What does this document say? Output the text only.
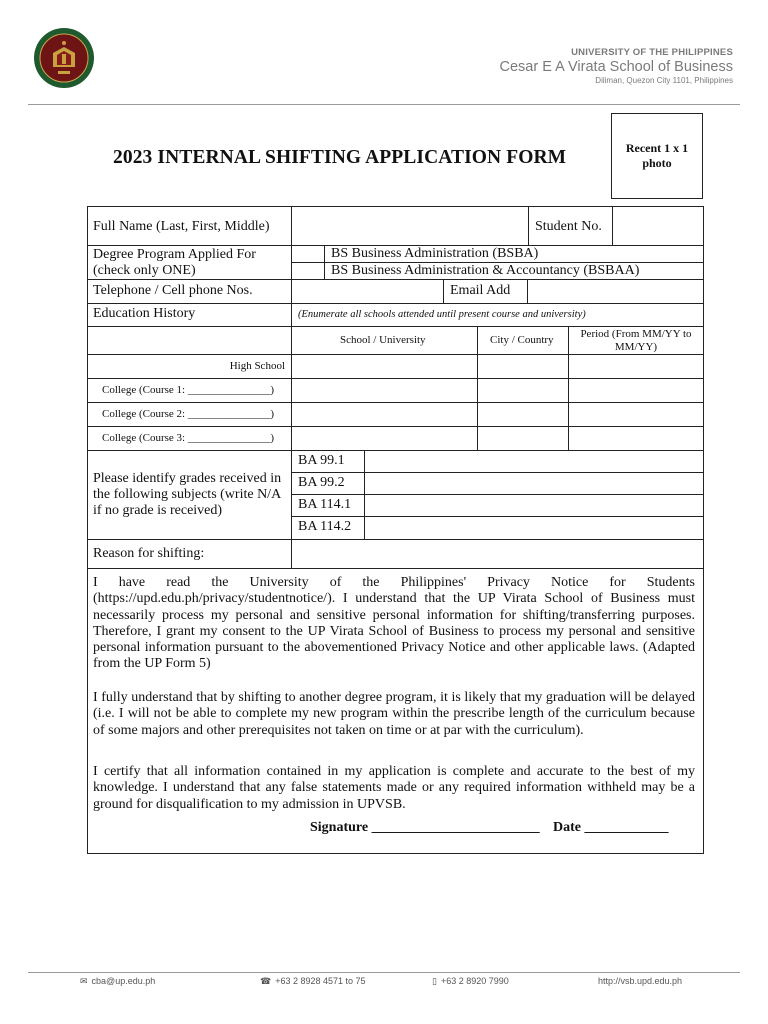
UNIVERSITY OF THE PHILIPPINES
Cesar E A Virata School of Business
Diliman, Quezon City 1101, Philippines
2023 INTERNAL SHIFTING APPLICATION FORM	Recent 1 x 1
photo
Full Name (Last, First, Middle)	Student No.
Degree Program Applied For
(check only ONE)
BS Business Administration (BSBA)
BS Business Administration & Accountancy (BSBAA)
Telephone / Cell phone Nos.	Email Add
Education History	(Enumerate all schools attended until present course and university)
School / University	City / Country	Period (From MM/YY to
MM/YY)
High School
College (Course 1: _______________)
College (Course 2: _______________)
College (Course 3: _______________)
Please identify grades received in
the following subjects (write N/A
if no grade is received)
BA 99.1
BA 99.2
BA 114.1
BA 114.2
Reason for shifting:
I have read the University of the Philippines' Privacy Notice for Students (https://upd.edu.ph/privacy/studentnotice/). I understand that the UP Virata School of Business must necessarily process my personal and sensitive personal information for shifting/transferring purposes. Therefore, I grant my consent to the UP Virata School of Business to process my personal and sensitive personal information pursuant to the abovementioned Privacy Notice and other applicable laws. (Adapted from the UP Form 5)
I fully understand that by shifting to another degree program, it is likely that my graduation will be delayed (i.e. I will not be able to complete my new program within the prescribe length of the curriculum because of some majors and other prerequisites not taken on time or at par with the curriculum).
I certify that all information contained in my application is complete and accurate to the best of my knowledge. I understand that any false statements made or any required information withheld may be a ground for disqualification to my admission in UPVSB.
Signature ________________________ Date ____________
✉ cba@up.edu.ph	☎ +63 2 8928 4571 to 75	▯ +63 2 8920 7990	http://vsb.upd.edu.ph
